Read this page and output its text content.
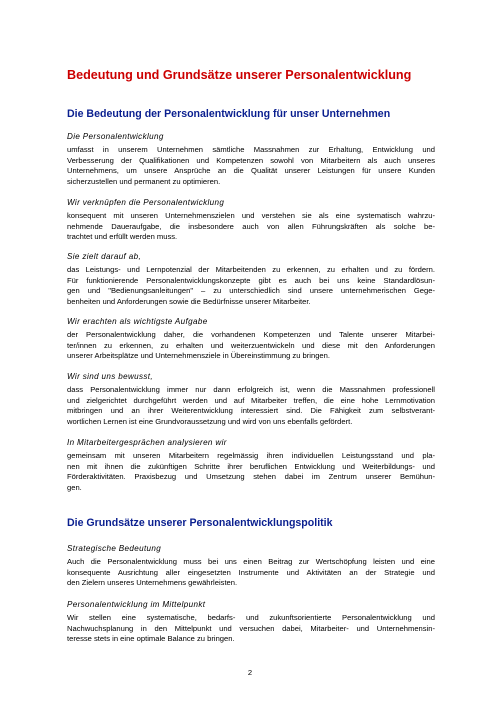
Bedeutung und Grundsätze unserer Personalentwicklung
Die Bedeutung der Personalentwicklung für unser Unternehmen
Die Personalentwicklung
umfasst in unserem Unternehmen sämtliche Massnahmen zur Erhaltung, Entwicklung und
Verbesserung der Qualifikationen und Kompetenzen sowohl von Mitarbeitern als auch unseres
Unternehmens, um unsere Ansprüche an die Qualität unserer Leistungen für unsere Kunden
sicherzustellen und permanent zu optimieren.
Wir verknüpfen die Personalentwicklung
konsequent mit unseren Unternehmenszielen und verstehen sie als eine systematisch wahrzu-
nehmende Daueraufgabe, die insbesondere auch von allen Führungskräften als solche be-
trachtet und erfüllt werden muss.
Sie zielt darauf ab,
das Leistungs- und Lernpotenzial der Mitarbeitenden zu erkennen, zu erhalten und zu fördern.
Für funktionierende Personalentwicklungskonzepte gibt es auch bei uns keine Standardlösun-
gen und "Bedienungsanleitungen" – zu unterschiedlich sind unsere unternehmerischen Gege-
benheiten und Anforderungen sowie die Bedürfnisse unserer Mitarbeiter.
Wir erachten als wichtigste Aufgabe
der Personalentwicklung daher, die vorhandenen Kompetenzen und Talente unserer Mitarbei-
ter/innen zu erkennen, zu erhalten und weiterzuentwickeln und diese mit den Anforderungen
unserer Arbeitsplätze und Unternehmensziele in Übereinstimmung zu bringen.
Wir sind uns bewusst,
dass Personalentwicklung immer nur dann erfolgreich ist, wenn die Massnahmen professionell
und zielgerichtet durchgeführt werden und auf Mitarbeiter treffen, die eine hohe Lernmotivation
mitbringen und an ihrer Weiterentwicklung interessiert sind. Die Fähigkeit zum selbstverant-
wortlichen Lernen ist eine Grundvoraussetzung und wird von uns ebenfalls gefördert.
In Mitarbeitergesprächen analysieren wir
gemeinsam mit unseren Mitarbeitern regelmässig ihren individuellen Leistungsstand und pla-
nen mit ihnen die zukünftigen Schritte ihrer beruflichen Entwicklung und Weiterbildungs- und
Förderaktivitäten. Praxisbezug und Umsetzung stehen dabei im Zentrum unserer Bemühun-
gen.
Die Grundsätze unserer Personalentwicklungspolitik
Strategische Bedeutung
Auch die Personalentwicklung muss bei uns einen Beitrag zur Wertschöpfung leisten und eine
konsequente Ausrichtung aller eingesetzten Instrumente und Aktivitäten an der Strategie und
den Zielern unseres Unternehmens gewährleisten.
Personalentwicklung im Mittelpunkt
Wir stellen eine systematische, bedarfs- und zukunftsorientierte Personalentwicklung und
Nachwuchsplanung in den Mittelpunkt und versuchen dabei, Mitarbeiter- und Unternehmensin-
teresse stets in eine optimale Balance zu bringen.
2
